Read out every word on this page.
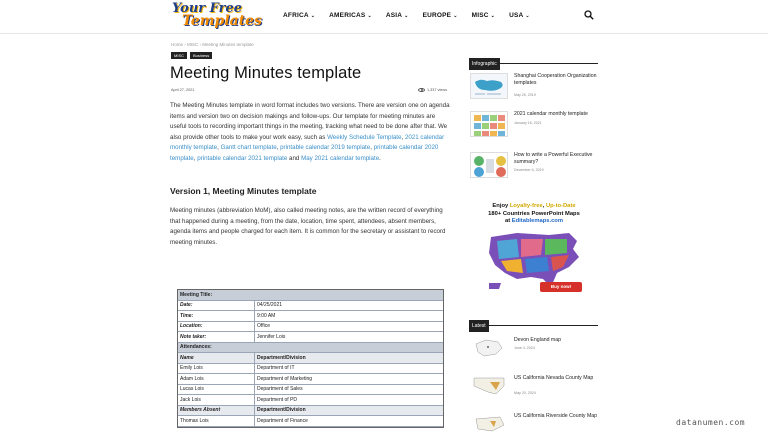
Your Free
Templates	AFRICA ⌄ AMERICAS ⌄ ASIA ⌄ EUROPE ⌄ MISC ⌄ USA ⌄
Home › MISC › Meeting Minutes template
MISC	Business
Meeting Minutes template
April 27, 2021	1,337 views
The Meeting Minutes template in word format includes two versions. There are version one on agenda items and version two on decision makings and follow-ups. Our template for meeting minutes are useful tools to recording important things in the meeting, tracking what need to be done after that. We also provide other tools to make your work easy, such as Weekly Schedule Template, 2021 calendar monthly template, Gantt chart template, printable calendar 2019 template, printable calendar 2020 template, printable calendar 2021 template and May 2021 calendar template.
Version 1, Meeting Minutes template

Meeting minutes (abbreviation MoM), also called meeting notes, are the written record of everything that happened during a meeting, from the date, location, time spent, attendees, absent members, agenda items and people charged for each item. It is common for the secretary or assistant to record meeting minutes.

Meeting Title:
Date:	04/25/2021
Time:	9:00 AM
Location:	Office
Note taker:	Jennifer Lois
Attendances:
Name	Department/Division
Emily Lois	Department of IT
Adam Lois	Department of Marketing
Lucas Lois	Department of Sales
Jack Lois	Department of PD
Members Absent	Department/Division
Thomas Lois	Department of Finance
Infographic
Shanghai Cooperation Organization templates
May 25, 2019
2021 calendar monthly template
January 16, 2021
How to write a Powerful Executive summary?
December 6, 2019
Enjoy Loyalty-free, Up-to-Date
180+ Countries PowerPoint Maps
at Editablemaps.com
Buy now!
Latest
Devon England map
June 4, 2024
US California Nevada County Map
May 20, 2024
US California Riverside County Map
datanumen.com
